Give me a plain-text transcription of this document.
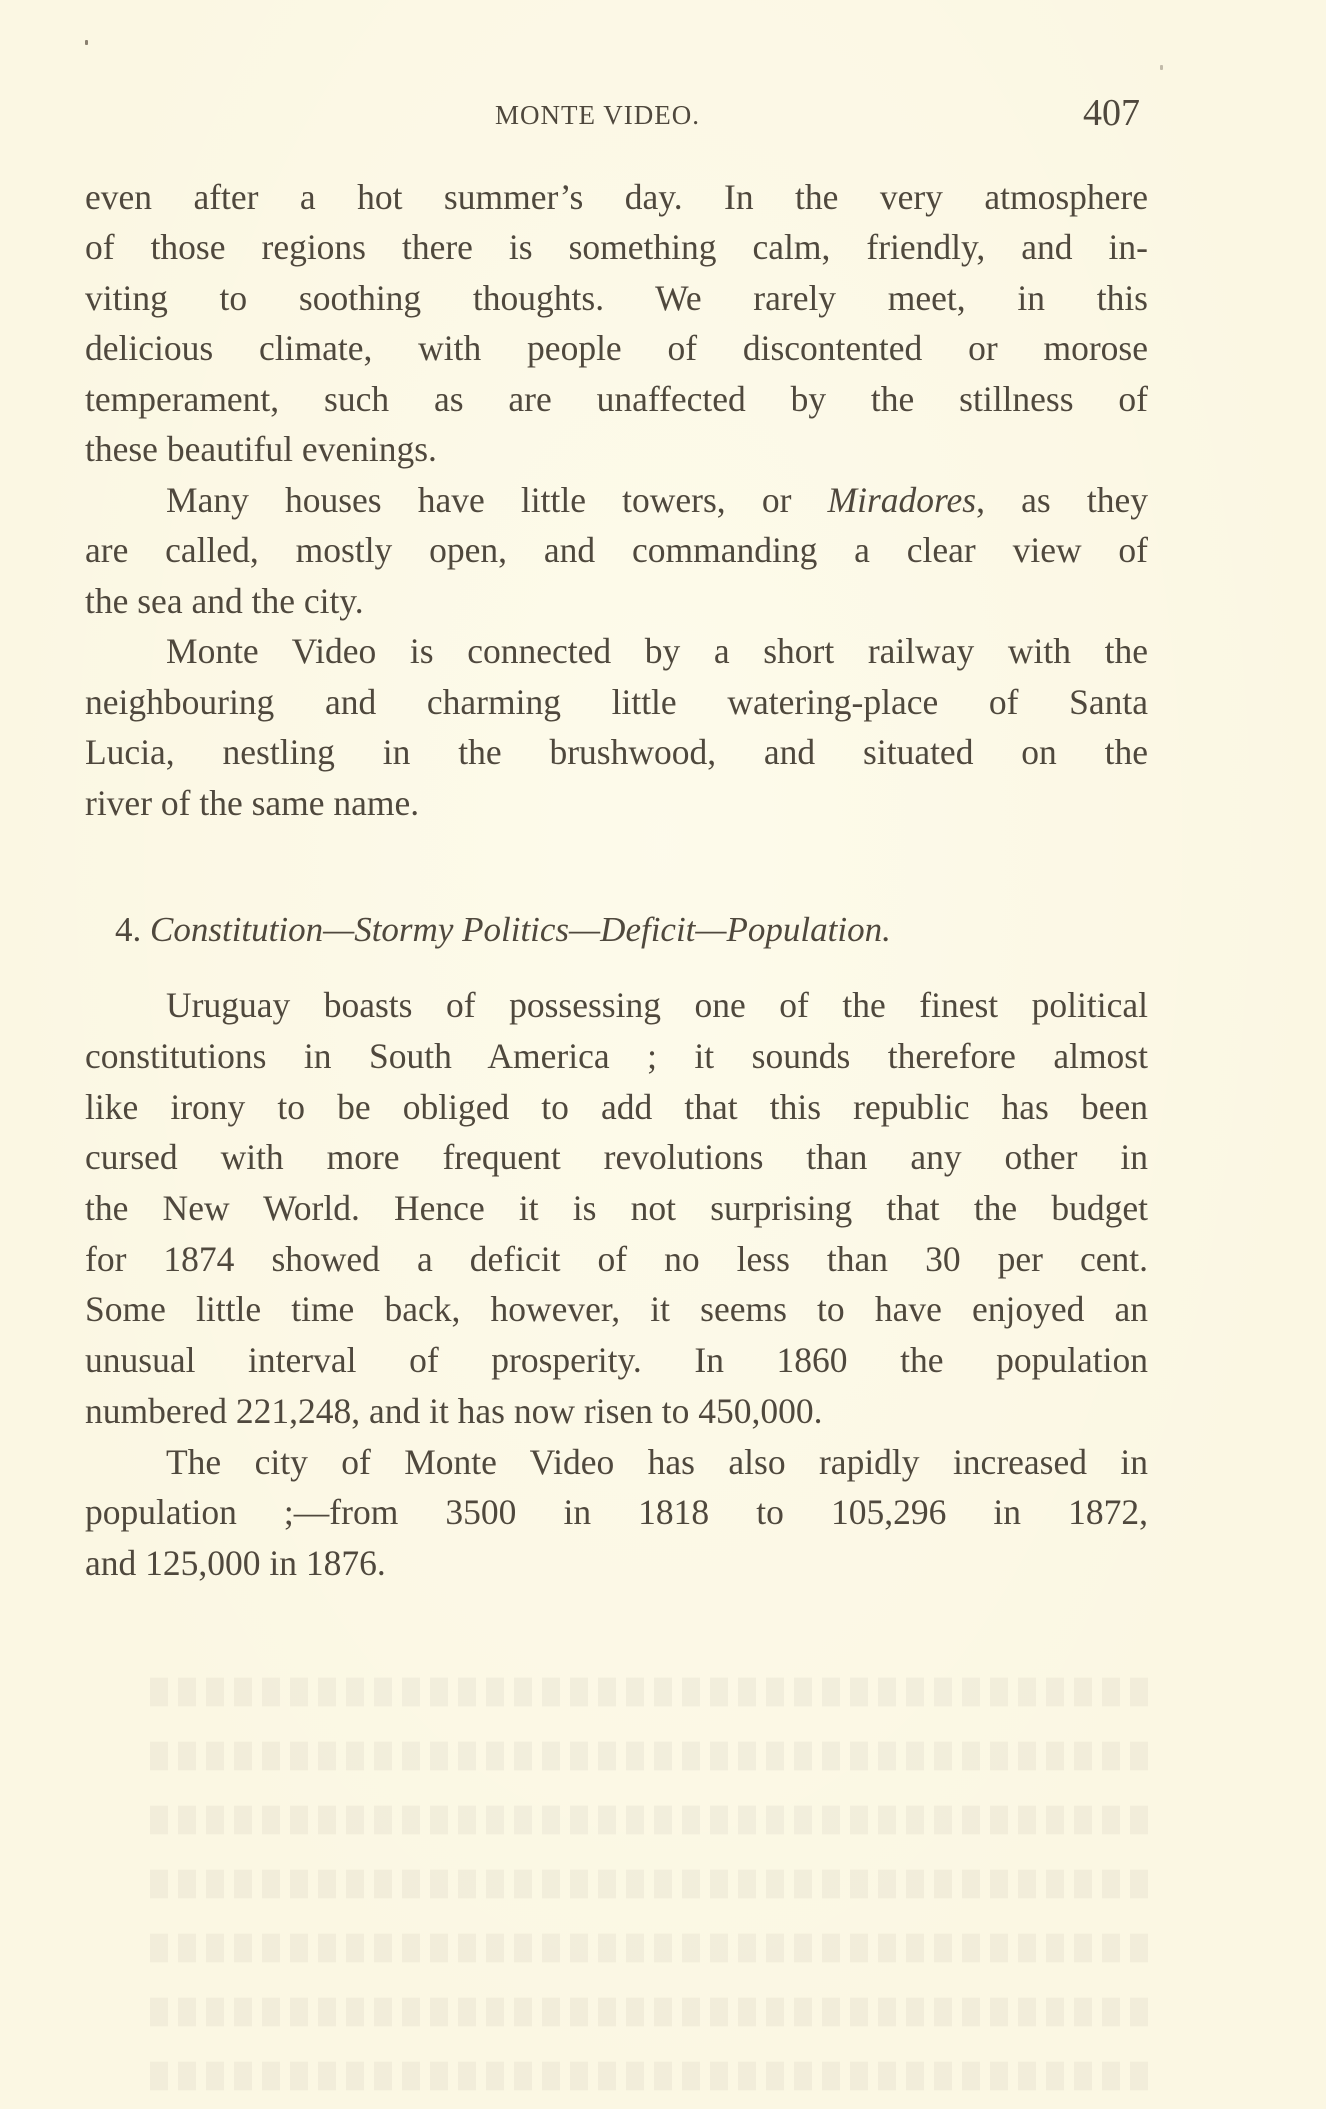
MONTE VIDEO.	407
even after a hot summer’s day. In the very atmosphere
of those regions there is something calm, friendly, and in-
viting to soothing thoughts. We rarely meet, in this
delicious climate, with people of discontented or morose
temperament, such as are unaffected by the stillness of
these beautiful evenings.
Many houses have little towers, or Miradores, as they
are called, mostly open, and commanding a clear view of
the sea and the city.
Monte Video is connected by a short railway with the
neighbouring and charming little watering-place of Santa
Lucia, nestling in the brushwood, and situated on the
river of the same name.
4. Constitution—Stormy Politics—Deficit—Population.
Uruguay boasts of possessing one of the finest political
constitutions in South America ; it sounds therefore almost
like irony to be obliged to add that this republic has been
cursed with more frequent revolutions than any other in
the New World. Hence it is not surprising that the budget
for 1874 showed a deficit of no less than 30 per cent.
Some little time back, however, it seems to have enjoyed an
unusual interval of prosperity. In 1860 the population
numbered 221,248, and it has now risen to 450,000.
The city of Monte Video has also rapidly increased in
population ;—from 3500 in 1818 to 105,296 in 1872,
and 125,000 in 1876.
